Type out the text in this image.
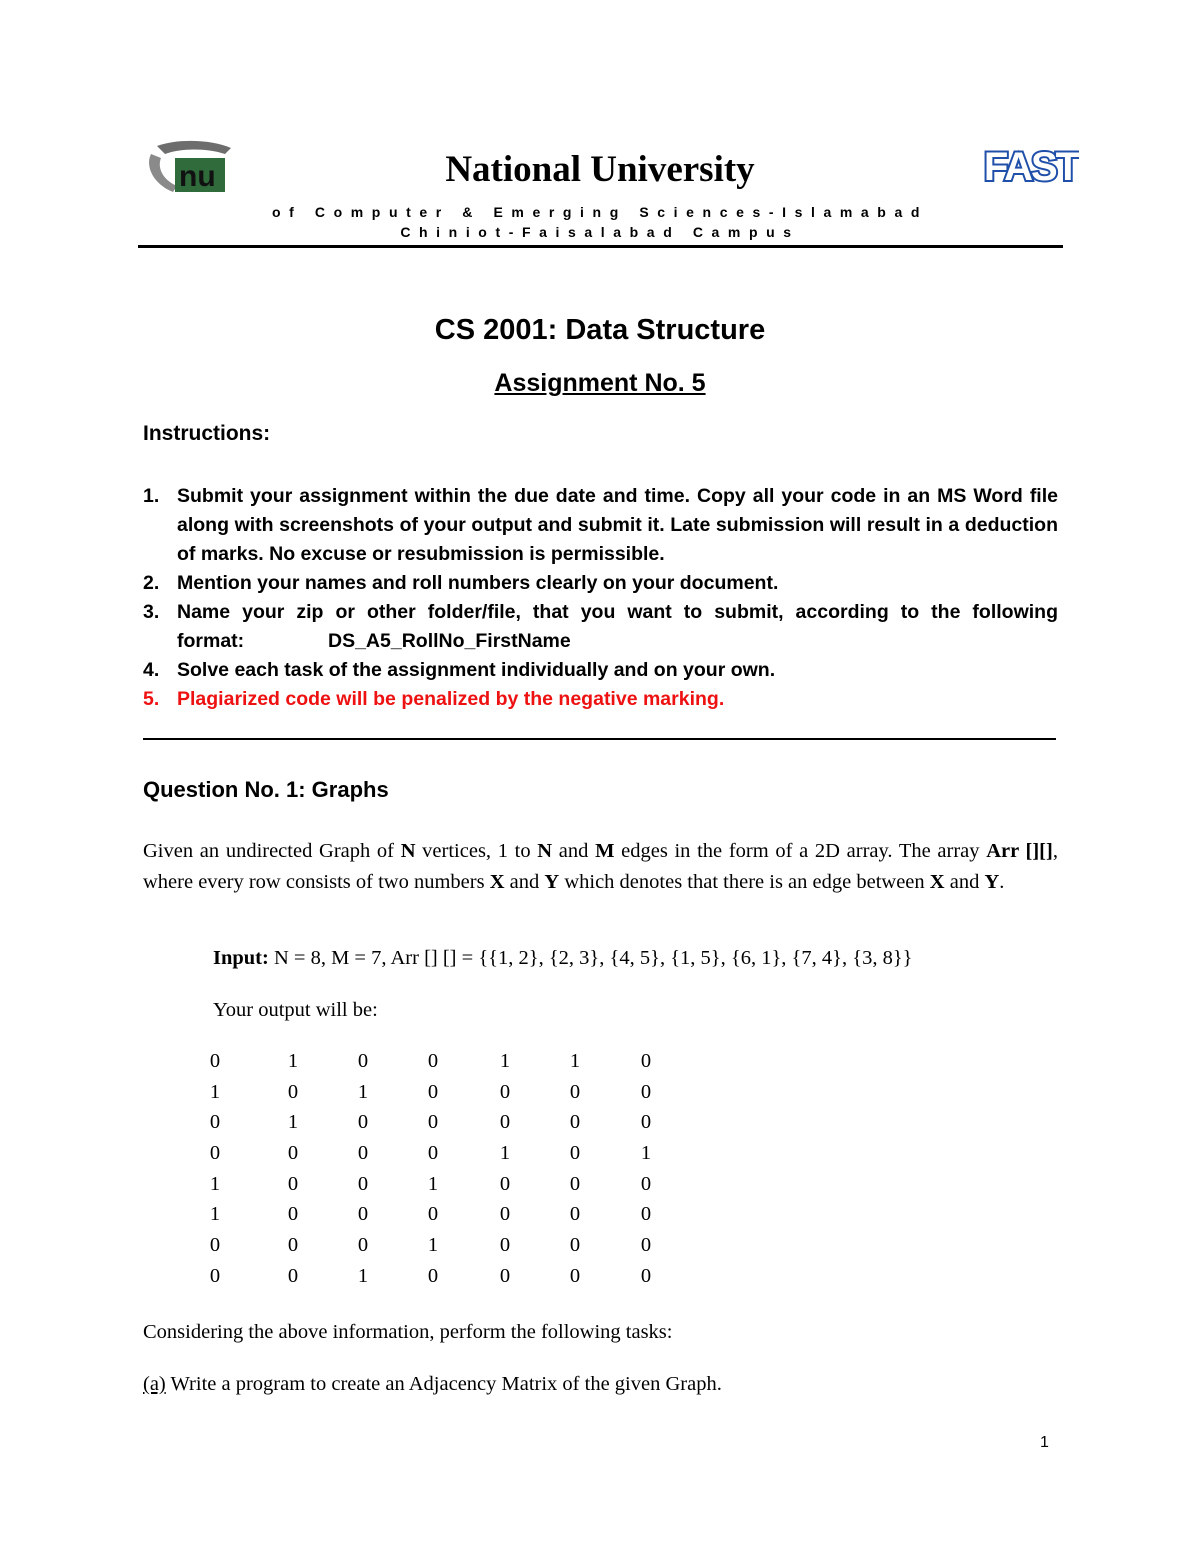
nu	National University
of Computer & Emerging Sciences-Islamabad
Chiniot-Faisalabad Campus
FAST
CS 2001: Data Structure
Assignment No. 5
Instructions:
1. Submit your assignment within the due date and time. Copy all your code in an MS Word file along with screenshots of your output and submit it. Late submission will result in a deduction of marks. No excuse or resubmission is permissible.
2. Mention your names and roll numbers clearly on your document.
3. Name your zip or other folder/file, that you want to submit, according to the following
format:	DS_A5_RollNo_FirstName
4. Solve each task of the assignment individually and on your own.
5. Plagiarized code will be penalized by the negative marking.
Question No. 1: Graphs
Given an undirected Graph of N vertices, 1 to N and M edges in the form of a 2D array. The array Arr [][], where every row consists of two numbers X and Y which denotes that there is an edge between X and Y.
Input: N = 8, M = 7, Arr [] [] = {{1, 2}, {2, 3}, {4, 5}, {1, 5}, {6, 1}, {7, 4}, {3, 8}}
Your output will be:
0	1	0	0	1	1	0
1	0	1	0	0	0	0
0	1	0	0	0	0	0
0	0	0	0	1	0	1
1	0	0	1	0	0	0
1	0	0	0	0	0	0
0	0	0	1	0	0	0
0	0	1	0	0	0	0
Considering the above information, perform the following tasks:
(a) Write a program to create an Adjacency Matrix of the given Graph.
1
